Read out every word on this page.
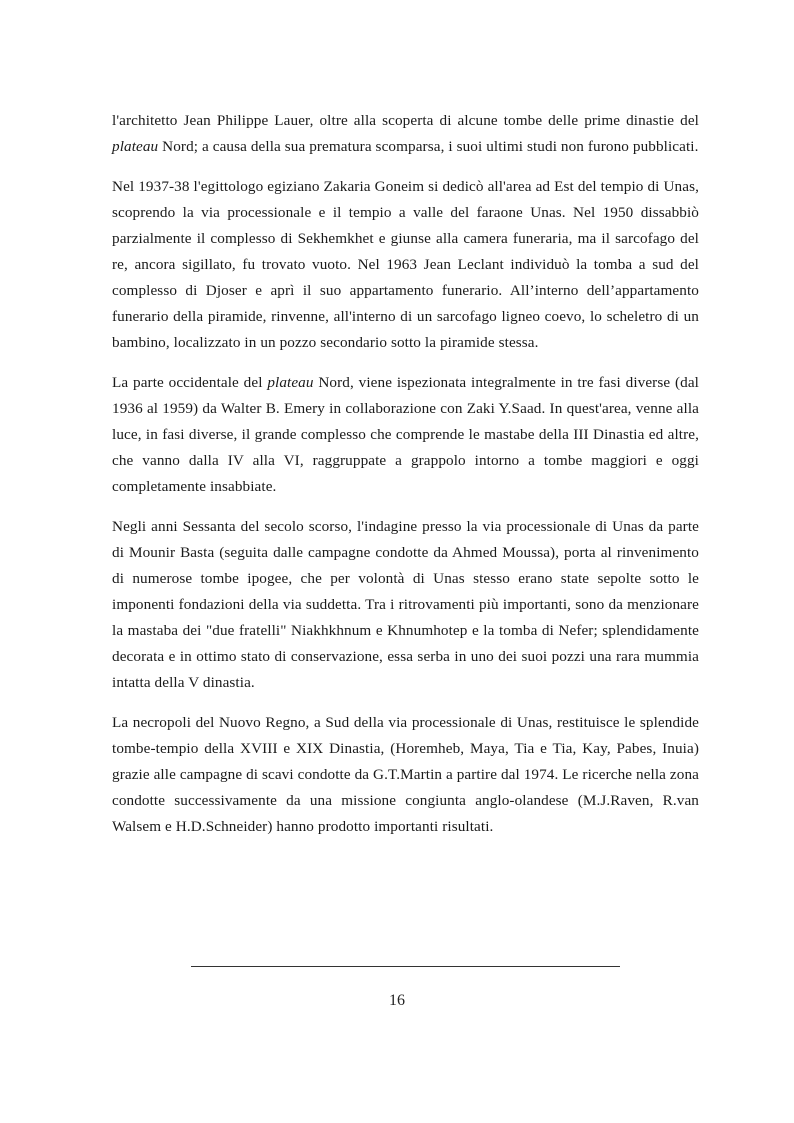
l'architetto Jean Philippe Lauer, oltre alla scoperta di alcune tombe delle prime dinastie del plateau Nord; a causa della sua prematura scomparsa, i suoi ultimi studi non furono pubblicati.

Nel 1937-38 l'egittologo egiziano Zakaria Goneim si dedicò all'area ad Est del tempio di Unas, scoprendo la via processionale e il tempio a valle del faraone Unas. Nel 1950 dissabbiò parzialmente il complesso di Sekhemkhet e giunse alla camera funeraria, ma il sarcofago del re, ancora sigillato, fu trovato vuoto. Nel 1963 Jean Leclant individuò la tomba a sud del complesso di Djoser e aprì il suo appartamento funerario. All’interno dell’appartamento funerario della piramide, rinvenne, all'interno di un sarcofago ligneo coevo, lo scheletro di un bambino, localizzato in un pozzo secondario sotto la piramide stessa.

La parte occidentale del plateau Nord, viene ispezionata integralmente in tre fasi diverse (dal 1936 al 1959) da Walter B. Emery in collaborazione con Zaki Y.Saad. In quest'area, venne alla luce, in fasi diverse, il grande complesso che comprende le mastabe della III Dinastia ed altre, che vanno dalla IV alla VI, raggruppate a grappolo intorno a tombe maggiori e oggi completamente insabbiate.

Negli anni Sessanta del secolo scorso, l'indagine presso la via processionale di Unas da parte di Mounir Basta (seguita dalle campagne condotte da Ahmed Moussa), porta al rinvenimento di numerose tombe ipogee, che per volontà di Unas stesso erano state sepolte sotto le imponenti fondazioni della via suddetta. Tra i ritrovamenti più importanti, sono da menzionare la mastaba dei "due fratelli" Niakhkhnum e Khnumhotep e la tomba di Nefer; splendidamente decorata e in ottimo stato di conservazione, essa serba in uno dei suoi pozzi una rara mummia intatta della V dinastia.

La necropoli del Nuovo Regno, a Sud della via processionale di Unas, restituisce le splendide tombe-tempio della XVIII e XIX Dinastia, (Horemheb, Maya, Tia e Tia, Kay, Pabes, Inuia) grazie alle campagne di scavi condotte da G.T.Martin a partire dal 1974. Le ricerche nella zona condotte successivamente da una missione congiunta anglo-olandese (M.J.Raven, R.van Walsem e H.D.Schneider) hanno prodotto importanti risultati.

16
